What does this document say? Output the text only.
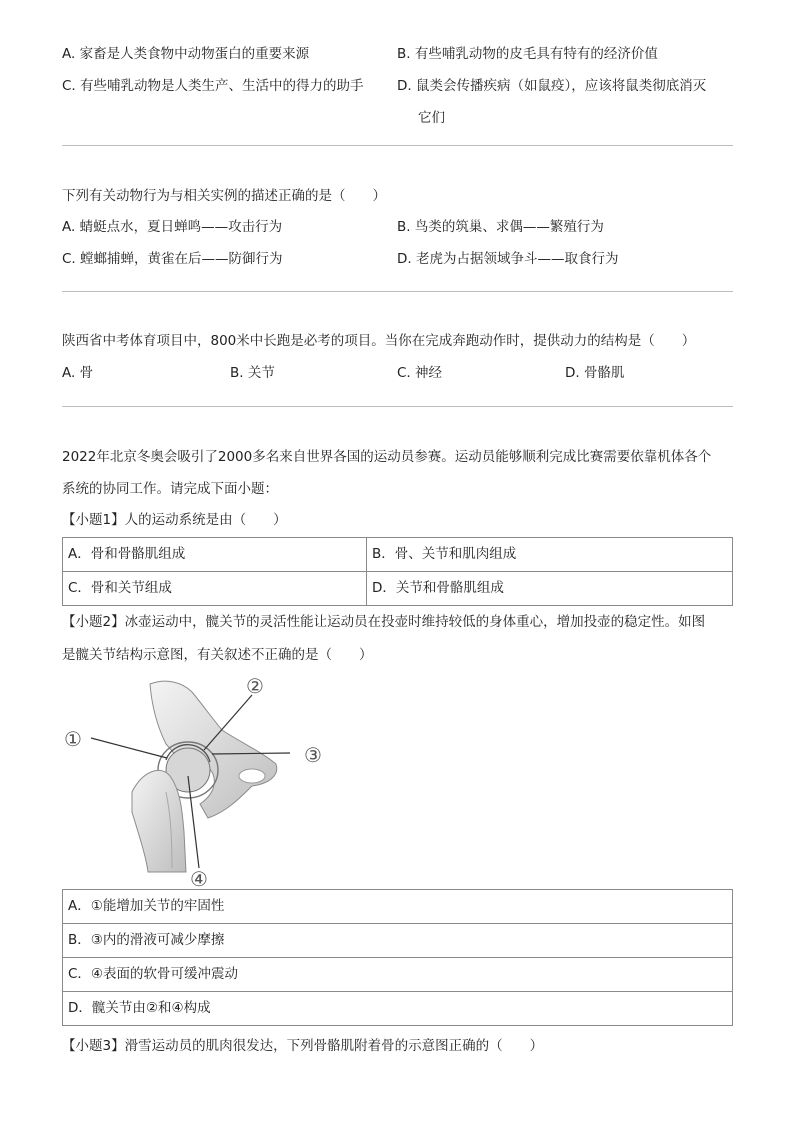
A. 家畜是人类食物中动物蛋白的重要来源	B. 有些哺乳动物的皮毛具有特有的经济价值
C. 有些哺乳动物是人类生产、生活中的得力的助手 D. 鼠类会传播疾病（如鼠疫），应该将鼠类彻底消灭
它们
下列有关动物行为与相关实例的描述正确的是（　　）
A. 蜻蜓点水，夏日蝉鸣——攻击行为	B. 鸟类的筑巢、求偶——繁殖行为
C. 螳螂捕蝉，黄雀在后——防御行为	D. 老虎为占据领域争斗——取食行为
陕西省中考体育项目中，800米中长跑是必考的项目。当你在完成奔跑动作时，提供动力的结构是（　　）
A. 骨	B. 关节	C. 神经	D. 骨骼肌
2022年北京冬奥会吸引了2000多名来自世界各国的运动员参赛。运动员能够顺利完成比赛需要依靠机体各个
系统的协同工作。请完成下面小题：
【小题1】人的运动系统是由（　　）
A．骨和骨骼肌组成	B．骨、关节和肌肉组成
C．骨和关节组成	D．关节和骨骼肌组成
【小题2】冰壶运动中，髋关节的灵活性能让运动员在投壶时维持较低的身体重心，增加投壶的稳定性。如图
是髋关节结构示意图，有关叙述不正确的是（　　）
①
②
③
④
A．①能增加关节的牢固性
B．③内的滑液可减少摩擦
C．④表面的软骨可缓冲震动
D．髋关节由②和④构成
【小题3】滑雪运动员的肌肉很发达，下列骨骼肌附着骨的示意图正确的（　　）
